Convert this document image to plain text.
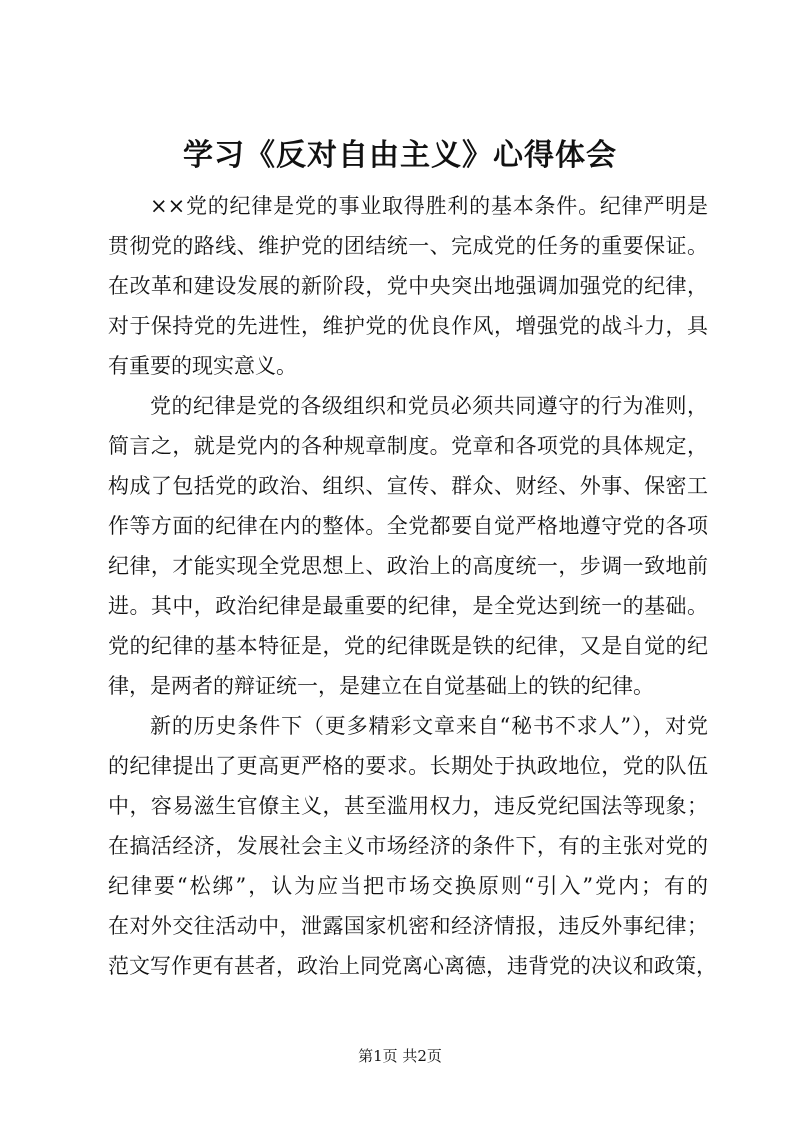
学习《反对自由主义》心得体会
××党的纪律是党的事业取得胜利的基本条件。纪律严明是
贯彻党的路线、维护党的团结统一、完成党的任务的重要保证。
在改革和建设发展的新阶段，党中央突出地强调加强党的纪律，
对于保持党的先进性，维护党的优良作风，增强党的战斗力，具
有重要的现实意义。
党的纪律是党的各级组织和党员必须共同遵守的行为准则，
简言之，就是党内的各种规章制度。党章和各项党的具体规定，
构成了包括党的政治、组织、宣传、群众、财经、外事、保密工
作等方面的纪律在内的整体。全党都要自觉严格地遵守党的各项
纪律，才能实现全党思想上、政治上的高度统一，步调一致地前
进。其中，政治纪律是最重要的纪律，是全党达到统一的基础。
党的纪律的基本特征是，党的纪律既是铁的纪律，又是自觉的纪
律，是两者的辩证统一，是建立在自觉基础上的铁的纪律。
新的历史条件下（更多精彩文章来自“秘书不求人”），对党
的纪律提出了更高更严格的要求。长期处于执政地位，党的队伍
中，容易滋生官僚主义，甚至滥用权力，违反党纪国法等现象；
在搞活经济，发展社会主义市场经济的条件下，有的主张对党的
纪律要“松绑”，认为应当把市场交换原则“引入”党内；有的
在对外交往活动中，泄露国家机密和经济情报，违反外事纪律；
范文写作更有甚者，政治上同党离心离德，违背党的决议和政策，
第1页 共2页
